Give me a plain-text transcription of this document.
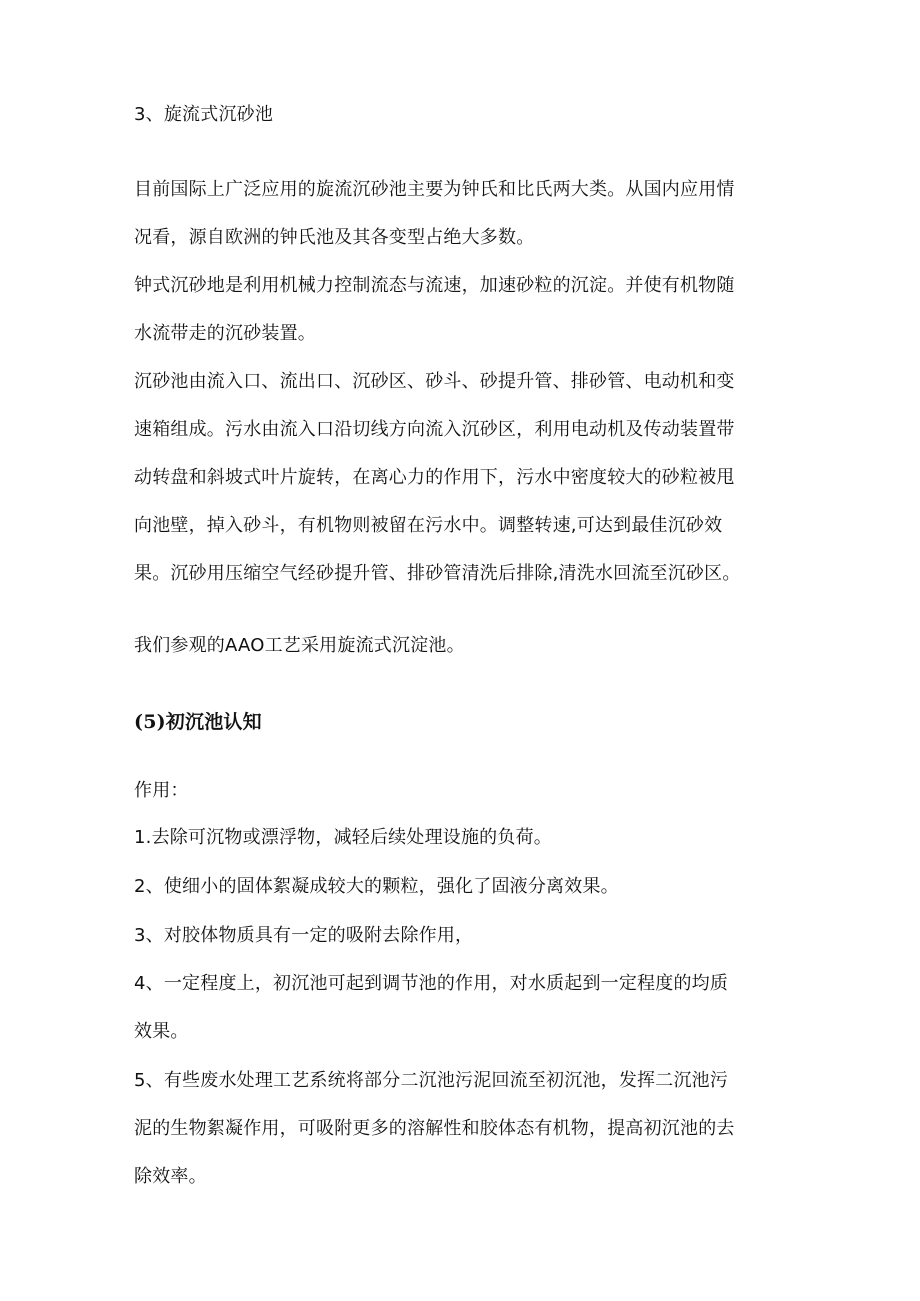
3、旋流式沉砂池
目前国际上广泛应用的旋流沉砂池主要为钟氏和比氏两大类。从国内应用情
况看，源自欧洲的钟氏池及其各变型占绝大多数。
钟式沉砂地是利用机械力控制流态与流速，加速砂粒的沉淀。并使有机物随
水流带走的沉砂装置。
沉砂池由流入口、流出口、沉砂区、砂斗、砂提升管、排砂管、电动机和变
速箱组成。污水由流入口沿切线方向流入沉砂区，利用电动机及传动装置带
动转盘和斜坡式叶片旋转，在离心力的作用下，污水中密度较大的砂粒被甩
向池壁，掉入砂斗，有机物则被留在污水中。调整转速,可达到最佳沉砂效
果。沉砂用压缩空气经砂提升管、排砂管清洗后排除,清洗水回流至沉砂区。
我们参观的AAO工艺采用旋流式沉淀池。
(5)初沉池认知
作用：
1.去除可沉物或漂浮物，减轻后续处理设施的负荷。
2、使细小的固体絮凝成较大的颗粒，强化了固液分离效果。
3、对胶体物质具有一定的吸附去除作用，
4、一定程度上，初沉池可起到调节池的作用，对水质起到一定程度的均质
效果。
5、有些废水处理工艺系统将部分二沉池污泥回流至初沉池，发挥二沉池污
泥的生物絮凝作用，可吸附更多的溶解性和胶体态有机物，提高初沉池的去
除效率。
